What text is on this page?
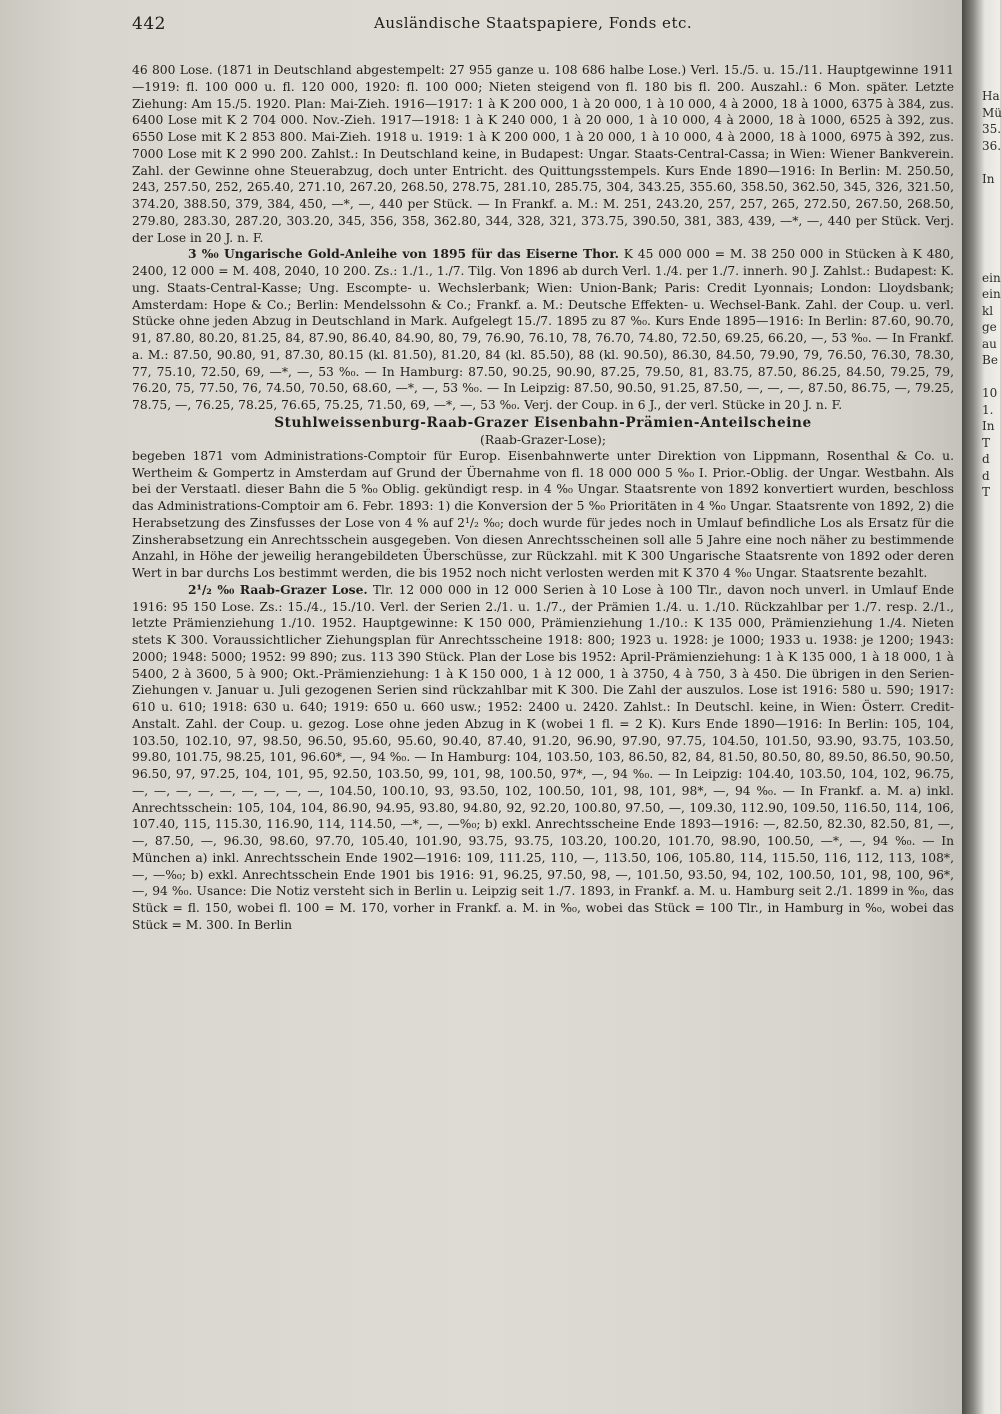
442	Ausländische Staatspapiere, Fonds etc.

46 800 Lose. (1871 in Deutschland abgestempelt: 27 955 ganze u. 108 686 halbe Lose.) Verl. 15./5. u. 15./11. Hauptgewinne 1911—1919: fl. 100 000 u. fl. 120 000, 1920: fl. 100 000; Nieten steigend von fl. 180 bis fl. 200. Auszahl.: 6 Mon. später. Letzte Ziehung: Am 15./5. 1920. Plan: Mai-Zieh. 1916—1917: 1 à K 200 000, 1 à 20 000, 1 à 10 000, 4 à 2000, 18 à 1000, 6375 à 384, zus. 6400 Lose mit K 2 704 000. Nov.-Zieh. 1917—1918: 1 à K 240 000, 1 à 20 000, 1 à 10 000, 4 à 2000, 18 à 1000, 6525 à 392, zus. 6550 Lose mit K 2 853 800. Mai-Zieh. 1918 u. 1919: 1 à K 200 000, 1 à 20 000, 1 à 10 000, 4 à 2000, 18 à 1000, 6975 à 392, zus. 7000 Lose mit K 2 990 200. Zahlst.: In Deutschland keine, in Budapest: Ungar. Staats-Central-Cassa; in Wien: Wiener Bankverein. Zahl. der Gewinne ohne Steuerabzug, doch unter Entricht. des Quittungsstempels. Kurs Ende 1890—1916: In Berlin: M. 250.50, 243, 257.50, 252, 265.40, 271.10, 267.20, 268.50, 278.75, 281.10, 285.75, 304, 343.25, 355.60, 358.50, 362.50, 345, 326, 321.50, 374.20, 388.50, 379, 384, 450, —*, —, 440 per Stück. — In Frankf. a. M.: M. 251, 243.20, 257, 257, 265, 272.50, 267.50, 268.50, 279.80, 283.30, 287.20, 303.20, 345, 356, 358, 362.80, 344, 328, 321, 373.75, 390.50, 381, 383, 439, —*, —, 440 per Stück. Verj. der Lose in 20 J. n. F.

3 %₀ Ungarische Gold-Anleihe von 1895 für das Eiserne Thor. K 45 000 000 = M. 38 250 000 in Stücken à K 480, 2400, 12 000 = M. 408, 2040, 10 200. Zs.: 1./1., 1./7. Tilg. Von 1896 ab durch Verl. 1./4. per 1./7. innerh. 90 J. Zahlst.: Budapest: K. ung. Staats-Central-Kasse; Ung. Escompte- u. Wechslerbank; Wien: Union-Bank; Paris: Credit Lyonnais; London: Lloydsbank; Amsterdam: Hope & Co.; Berlin: Mendelssohn & Co.; Frankf. a. M.: Deutsche Effekten- u. Wechsel-Bank. Zahl. der Coup. u. verl. Stücke ohne jeden Abzug in Deutschland in Mark. Aufgelegt 15./7. 1895 zu 87 %₀. Kurs Ende 1895—1916: In Berlin: 87.60, 90.70, 91, 87.80, 80.20, 81.25, 84, 87.90, 86.40, 84.90, 80, 79, 76.90, 76.10, 78, 76.70, 74.80, 72.50, 69.25, 66.20, —, 53 %₀. — In Frankf. a. M.: 87.50, 90.80, 91, 87.30, 80.15 (kl. 81.50), 81.20, 84 (kl. 85.50), 88 (kl. 90.50), 86.30, 84.50, 79.90, 79, 76.50, 76.30, 78.30, 77, 75.10, 72.50, 69, —*, —, 53 %₀. — In Hamburg: 87.50, 90.25, 90.90, 87.25, 79.50, 81, 83.75, 87.50, 86.25, 84.50, 79.25, 79, 76.20, 75, 77.50, 76, 74.50, 70.50, 68.60, —*, —, 53 %₀. — In Leipzig: 87.50, 90.50, 91.25, 87.50, —, —, —, 87.50, 86.75, —, 79.25, 78.75, —, 76.25, 78.25, 76.65, 75.25, 71.50, 69, —*, —, 53 %₀. Verj. der Coup. in 6 J., der verl. Stücke in 20 J. n. F.

Stuhlweissenburg-Raab-Grazer Eisenbahn-Prämien-Anteilscheine

(Raab-Grazer-Lose);

begeben 1871 vom Administrations-Comptoir für Europ. Eisenbahnwerte unter Direktion von Lippmann, Rosenthal & Co. u. Wertheim & Gompertz in Amsterdam auf Grund der Übernahme von fl. 18 000 000 5 %₀ I. Prior.-Oblig. der Ungar. Westbahn. Als bei der Verstaatl. dieser Bahn die 5 %₀ Oblig. gekündigt resp. in 4 %₀ Ungar. Staatsrente von 1892 konvertiert wurden, beschloss das Administrations-Comptoir am 6. Febr. 1893: 1) die Konversion der 5 %₀ Prioritäten in 4 %₀ Ungar. Staatsrente von 1892, 2) die Herabsetzung des Zinsfusses der Lose von 4 % auf 2¹/₂ %₀; doch wurde für jedes noch in Umlauf befindliche Los als Ersatz für die Zinsherabsetzung ein Anrechtsschein ausgegeben. Von diesen Anrechtsscheinen soll alle 5 Jahre eine noch näher zu bestimmende Anzahl, in Höhe der jeweilig herangebildeten Überschüsse, zur Rückzahl. mit K 300 Ungarische Staatsrente von 1892 oder deren Wert in bar durchs Los bestimmt werden, die bis 1952 noch nicht verlosten werden mit K 370 4 %₀ Ungar. Staatsrente bezahlt.

2¹/₂ %₀ Raab-Grazer Lose. Tlr. 12 000 000 in 12 000 Serien à 10 Lose à 100 Tlr., davon noch unverl. in Umlauf Ende 1916: 95 150 Lose. Zs.: 15./4., 15./10. Verl. der Serien 2./1. u. 1./7., der Prämien 1./4. u. 1./10. Rückzahlbar per 1./7. resp. 2./1., letzte Prämienziehung 1./10. 1952. Hauptgewinne: K 150 000, Prämienziehung 1./10.: K 135 000, Prämienziehung 1./4. Nieten stets K 300. Voraussichtlicher Ziehungsplan für Anrechtsscheine 1918: 800; 1923 u. 1928: je 1000; 1933 u. 1938: je 1200; 1943: 2000; 1948: 5000; 1952: 99 890; zus. 113 390 Stück. Plan der Lose bis 1952: April-Prämienziehung: 1 à K 135 000, 1 à 18 000, 1 à 5400, 2 à 3600, 5 à 900; Okt.-Prämienziehung: 1 à K 150 000, 1 à 12 000, 1 à 3750, 4 à 750, 3 à 450. Die übrigen in den Serien-Ziehungen v. Januar u. Juli gezogenen Serien sind rückzahlbar mit K 300. Die Zahl der auszulos. Lose ist 1916: 580 u. 590; 1917: 610 u. 610; 1918: 630 u. 640; 1919: 650 u. 660 usw.; 1952: 2400 u. 2420. Zahlst.: In Deutschl. keine, in Wien: Österr. Credit-Anstalt. Zahl. der Coup. u. gezog. Lose ohne jeden Abzug in K (wobei 1 fl. = 2 K). Kurs Ende 1890—1916: In Berlin: 105, 104, 103.50, 102.10, 97, 98.50, 96.50, 95.60, 95.60, 90.40, 87.40, 91.20, 96.90, 97.90, 97.75, 104.50, 101.50, 93.90, 93.75, 103.50, 99.80, 101.75, 98.25, 101, 96.60*, —, 94 %₀. — In Hamburg: 104, 103.50, 103, 86.50, 82, 84, 81.50, 80.50, 80, 89.50, 86.50, 90.50, 96.50, 97, 97.25, 104, 101, 95, 92.50, 103.50, 99, 101, 98, 100.50, 97*, —, 94 %₀. — In Leipzig: 104.40, 103.50, 104, 102, 96.75, —, —, —, —, —, —, —, —, —, 104.50, 100.10, 93, 93.50, 102, 100.50, 101, 98, 101, 98*, —, 94 %₀. — In Frankf. a. M. a) inkl. Anrechtsschein: 105, 104, 104, 86.90, 94.95, 93.80, 94.80, 92, 92.20, 100.80, 97.50, —, 109.30, 112.90, 109.50, 116.50, 114, 106, 107.40, 115, 115.30, 116.90, 114, 114.50, —*, —, —%₀; b) exkl. Anrechtsscheine Ende 1893—1916: —, 82.50, 82.30, 82.50, 81, —, —, 87.50, —, 96.30, 98.60, 97.70, 105.40, 101.90, 93.75, 93.75, 103.20, 100.20, 101.70, 98.90, 100.50, —*, —, 94 %₀. — In München a) inkl. Anrechtsschein Ende 1902—1916: 109, 111.25, 110, —, 113.50, 106, 105.80, 114, 115.50, 116, 112, 113, 108*, —, —%₀; b) exkl. Anrechtsschein Ende 1901 bis 1916: 91, 96.25, 97.50, 98, —, 101.50, 93.50, 94, 102, 100.50, 101, 98, 100, 96*, —, 94 %₀. Usance: Die Notiz versteht sich in Berlin u. Leipzig seit 1./7. 1893, in Frankf. a. M. u. Hamburg seit 2./1. 1899 in %₀, das Stück = fl. 150, wobei fl. 100 = M. 170, vorher in Frankf. a. M. in %₀, wobei das Stück = 100 Tlr., in Hamburg in %₀, wobei das Stück = M. 300. In Berlin

Ha
Mü
35.
36.

In

ein
ein
kl
ge
au
Be

10
1.
In
T
d
d
T
